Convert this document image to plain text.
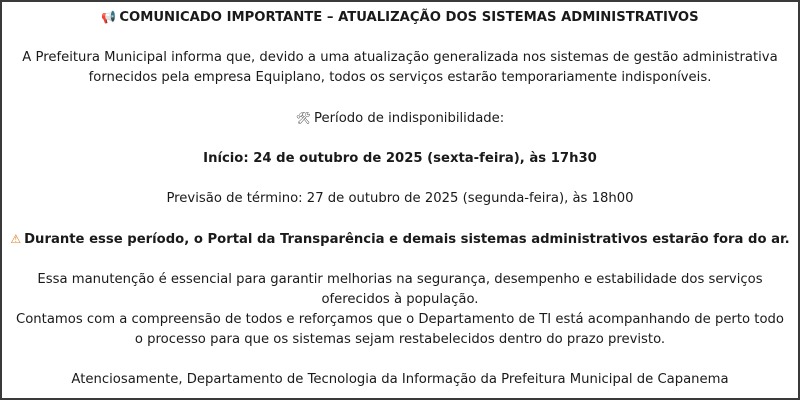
📢 COMUNICADO IMPORTANTE – ATUALIZAÇÃO DOS SISTEMAS ADMINISTRATIVOS

A Prefeitura Municipal informa que, devido a uma atualização generalizada nos sistemas de gestão administrativa fornecidos pela empresa Equiplano, todos os serviços estarão temporariamente indisponíveis.

🛠 Período de indisponibilidade:

Início: 24 de outubro de 2025 (sexta-feira), às 17h30

Previsão de término: 27 de outubro de 2025 (segunda-feira), às 18h00

⚠ Durante esse período, o Portal da Transparência e demais sistemas administrativos estarão fora do ar.

Essa manutenção é essencial para garantir melhorias na segurança, desempenho e estabilidade dos serviços oferecidos à população.

Contamos com a compreensão de todos e reforçamos que o Departamento de TI está acompanhando de perto todo o processo para que os sistemas sejam restabelecidos dentro do prazo previsto.

Atenciosamente, Departamento de Tecnologia da Informação da Prefeitura Municipal de Capanema
